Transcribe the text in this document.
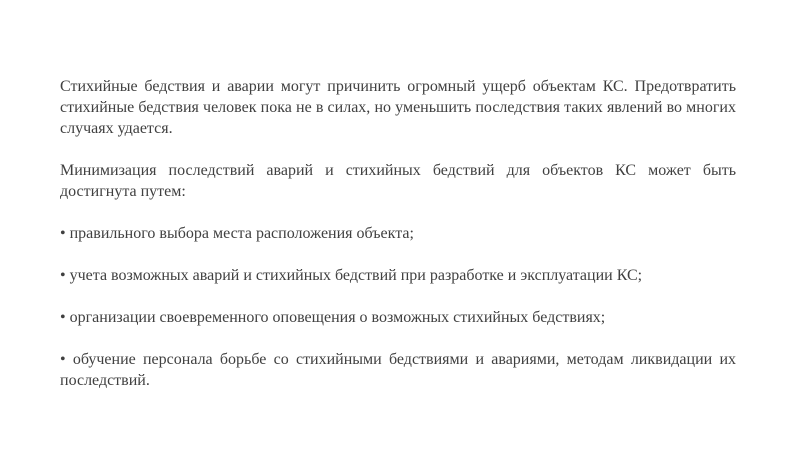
Стихийные бедствия и аварии могут причинить огромный ущерб объектам КС. Предотвратить стихийные бедствия человек пока не в силах, но уменьшить последствия таких явлений во многих случаях удается.

Минимизация последствий аварий и стихийных бедствий для объектов КС может быть достигнута путем:

• правильного выбора места расположения объекта;

• учета возможных аварий и стихийных бедствий при разработке и эксплуатации КС;

• организации своевременного оповещения о возможных стихийных бедствиях;

• обучение персонала борьбе со стихийными бедствиями и авариями, методам ликвидации их последствий.
